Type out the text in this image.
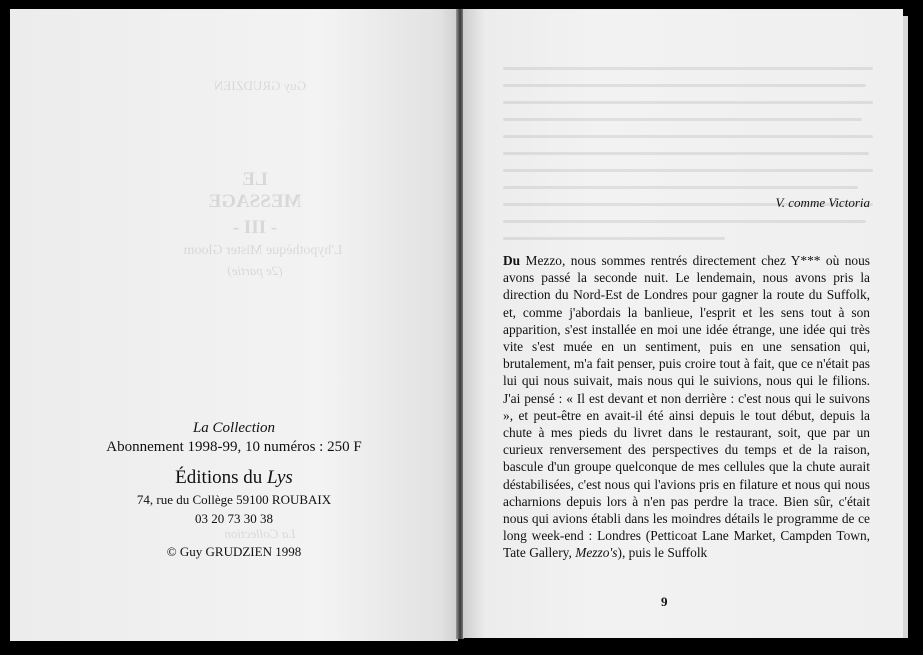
Guy GRUDZIEN
LE
MESSAGE
- III -
L'hypothèque Mister Gloom
(2e partie)
La Collection
La Collection
Abonnement 1998-99, 10 numéros : 250 F
Éditions du Lys
74, rue du Collège 59100 ROUBAIX
03 20 73 30 38
© Guy GRUDZIEN 1998
V. comme Victoria

Du Mezzo, nous sommes rentrés directement chez Y*** où nous avons passé la seconde nuit. Le lendemain, nous avons pris la direction du Nord-Est de Londres pour gagner la route du Suffolk, et, comme j'abordais la banlieue, l'esprit et les sens tout à son apparition, s'est installée en moi une idée étrange, une idée qui très vite s'est muée en un sentiment, puis en une sensation qui, brutalement, m'a fait penser, puis croire tout à fait, que ce n'était pas lui qui nous suivait, mais nous qui le suivions, nous qui le filions. J'ai pensé : « Il est devant et non derrière : c'est nous qui le suivons », et peut-être en avait-il été ainsi depuis le tout début, depuis la chute à mes pieds du livret dans le restaurant, soit, que par un curieux renversement des perspectives du temps et de la raison, bascule d'un groupe quelconque de mes cellules que la chute aurait déstabilisées, c'est nous qui l'avions pris en filature et nous qui nous acharnions depuis lors à n'en pas perdre la trace. Bien sûr, c'était nous qui avions établi dans les moindres détails le programme de ce long week-end : Londres (Petticoat Lane Market, Campden Town, Tate Gallery, Mezzo's), puis le Suffolk

9
